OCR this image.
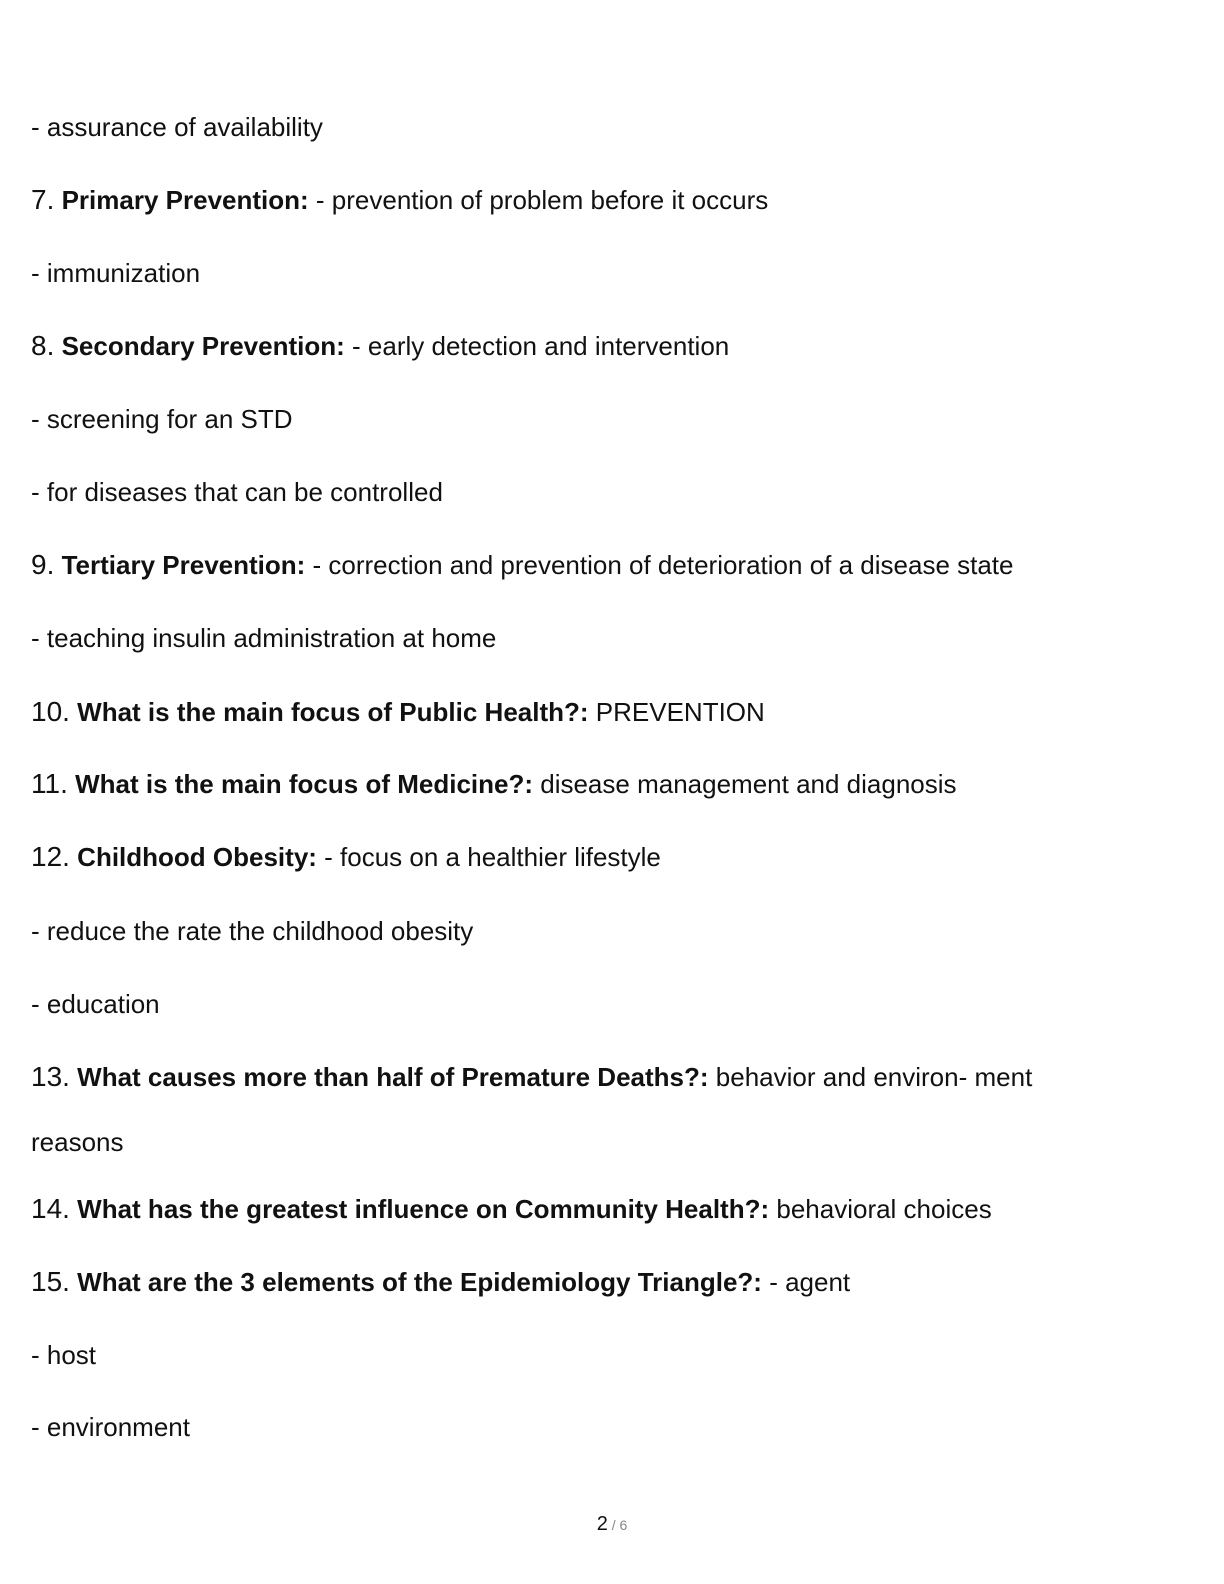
- assurance of availability
7. Primary Prevention: - prevention of problem before it occurs
- immunization
8. Secondary Prevention: - early detection and intervention
- screening for an STD
- for diseases that can be controlled
9. Tertiary Prevention: - correction and prevention of deterioration of a disease state
- teaching insulin administration at home
10. What is the main focus of Public Health?: PREVENTION
11. What is the main focus of Medicine?: disease management and diagnosis
12. Childhood Obesity: - focus on a healthier lifestyle
- reduce the rate the childhood obesity
- education
13. What causes more than half of Premature Deaths?: behavior and environ- ment
reasons
14. What has the greatest influence on Community Health?: behavioral choices
15. What are the 3 elements of the Epidemiology Triangle?: - agent
- host
- environment
2 / 6
